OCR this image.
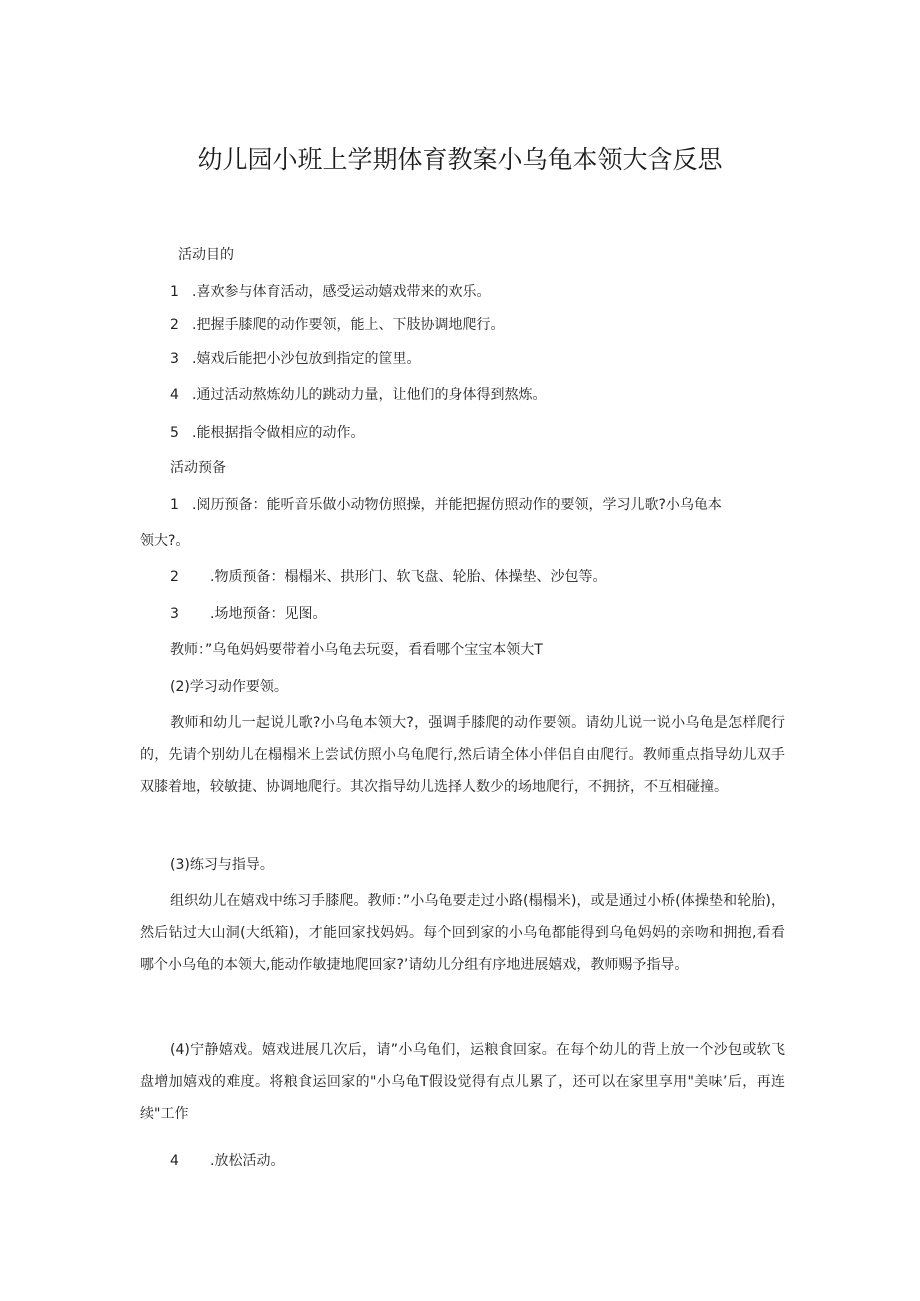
幼儿园小班上学期体育教案小乌龟本领大含反思
活动目的
1 .喜欢参与体育活动，感受运动嬉戏带来的欢乐。
2 .把握手膝爬的动作要领，能上、下肢协调地爬行。
3 .嬉戏后能把小沙包放到指定的筐里。
4 .通过活动熬炼幼儿的跳动力量，让他们的身体得到熬炼。
5 .能根据指令做相应的动作。
活动预备
1 .阅历预备：能听音乐做小动物仿照操，并能把握仿照动作的要领，学习儿歌?小乌龟本
领大?。
2 .物质预备：榻榻米、拱形门、软飞盘、轮胎、体操垫、沙包等。
3 .场地预备：见图。
教师：”乌龟妈妈要带着小乌龟去玩耍，看看哪个宝宝本领大T
(2)学习动作要领。
教师和幼儿一起说儿歌?小乌龟本领大?，强调手膝爬的动作要领。请幼儿说一说小乌龟是怎样爬行的，先请个别幼儿在榻榻米上尝试仿照小乌龟爬行,然后请全体小伴侣自由爬行。教师重点指导幼儿双手双膝着地，较敏捷、协调地爬行。其次指导幼儿选择人数少的场地爬行，不拥挤，不互相碰撞。
(3)练习与指导。
组织幼儿在嬉戏中练习手膝爬。教师：”小乌龟要走过小路(榻榻米)，或是通过小桥(体操垫和轮胎)，然后钻过大山洞(大纸箱)，才能回家找妈妈。每个回到家的小乌龟都能得到乌龟妈妈的亲吻和拥抱,看看哪个小乌龟的本领大,能动作敏捷地爬回家?’请幼儿分组有序地进展嬉戏，教师赐予指导。
(4)宁静嬉戏。嬉戏进展几次后，请”小乌龟们，运粮食回家。在每个幼儿的背上放一个沙包或软飞盘增加嬉戏的难度。将粮食运回家的"小乌龟T假设觉得有点儿累了，还可以在家里享用"美味’后，再连续"工作
4 .放松活动。
